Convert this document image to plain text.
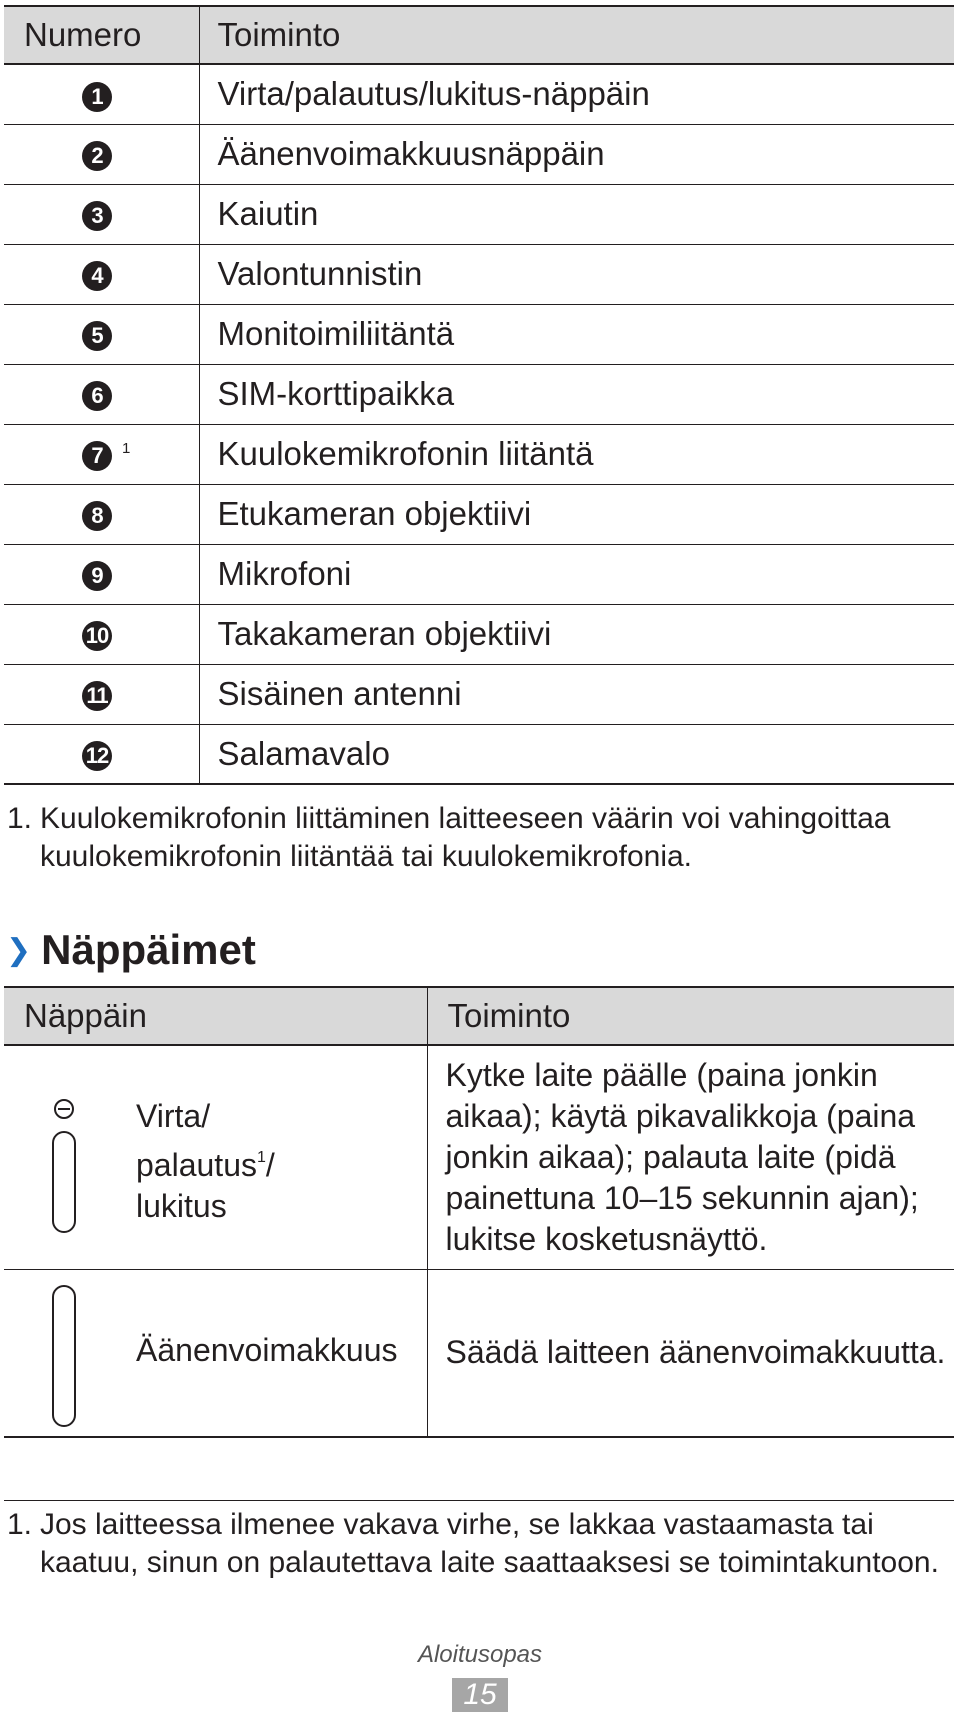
Numero	Toiminto
1	Virta/palautus/lukitus-näppäin
2	Äänenvoimakkuusnäppäin
3	Kaiutin
4	Valontunnistin
5	Monitoimiliitäntä
6	SIM-korttipaikka
7 $^1$	Kuulokemikrofonin liitäntä
8	Etukameran objektiivi
9	Mikrofoni
10	Takakameran objektiivi
11	Sisäinen antenni
12	Salamavalo
1. Kuulokemikrofonin liittäminen laitteeseen väärin voi vahingoittaa kuulokemikrofonin liitäntää tai kuulokemikrofonia.
❯ Näppäimet
Näppäin	Toiminto

Virta/
palautus$^1$/
lukitus	Kytke laite päälle (paina jonkin aikaa); käytä pikavalikkoja (paina jonkin aikaa); palauta laite (pidä painettuna 10–15 sekunnin ajan); lukitse kosketusnäyttö.

Äänenvoimakkuus	Säädä laitteen äänenvoimakkuutta.
1. Jos laitteessa ilmenee vakava virhe, se lakkaa vastaamasta tai kaatuu, sinun on palautettava laite saattaaksesi se toimintakuntoon.
Aloitusopas
15
